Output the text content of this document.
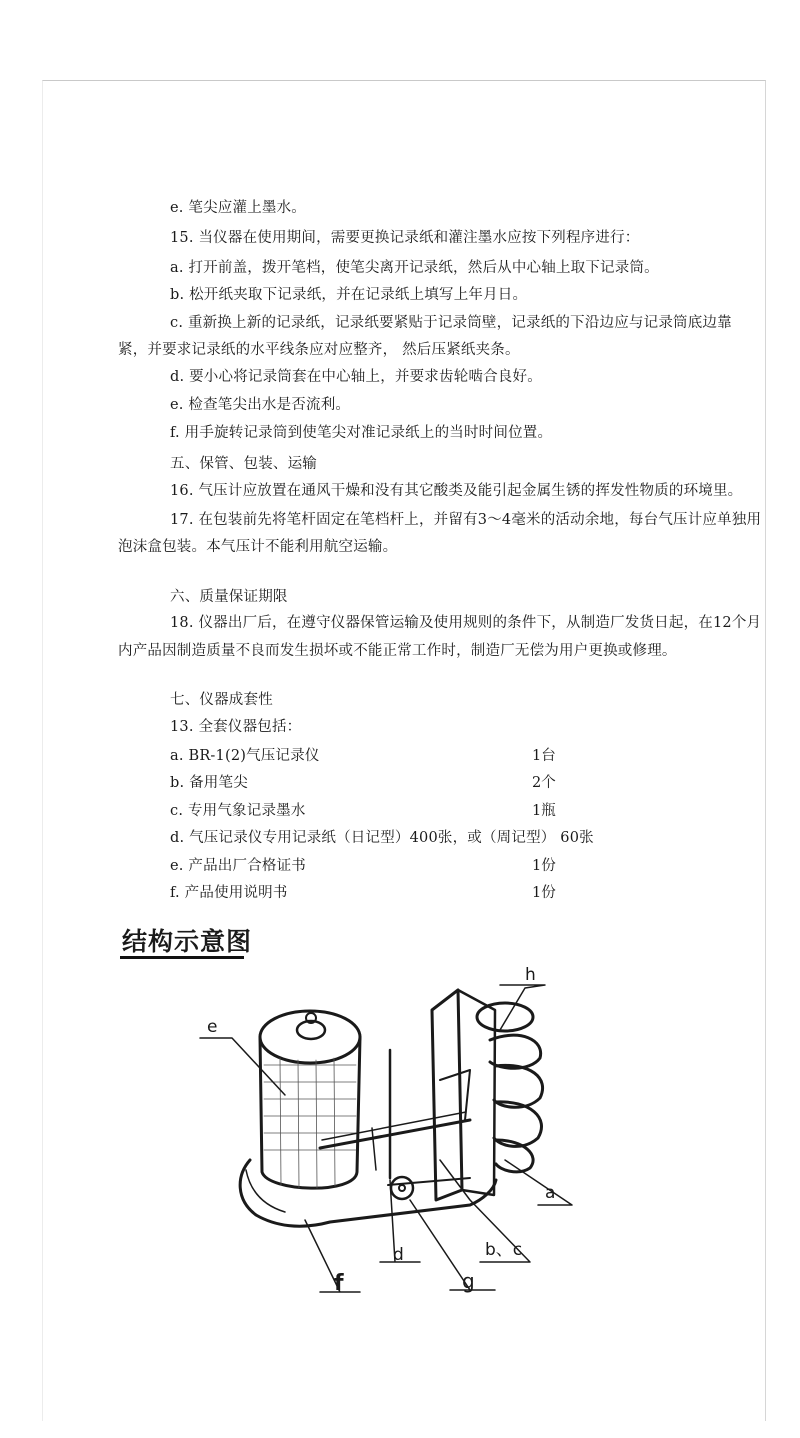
e. 笔尖应灌上墨水。
15. 当仪器在使用期间，需要更换记录纸和灌注墨水应按下列程序进行：
a. 打开前盖，拨开笔档，使笔尖离开记录纸，然后从中心轴上取下记录筒。
b. 松开纸夹取下记录纸，并在记录纸上填写上年月日。
c. 重新换上新的记录纸，记录纸要紧贴于记录筒壁，记录纸的下沿边应与记录筒底边靠
紧，并要求记录纸的水平线条应对应整齐， 然后压紧纸夹条。
d. 要小心将记录筒套在中心轴上，并要求齿轮啮合良好。
e. 检查笔尖出水是否流利。
f. 用手旋转记录筒到使笔尖对准记录纸上的当时时间位置。
五、保管、包装、运输
16. 气压计应放置在通风干燥和没有其它酸类及能引起金属生锈的挥发性物质的环境里。
17. 在包装前先将笔杆固定在笔档杆上，并留有3～4毫米的活动余地，每台气压计应单独用
泡沫盒包装。本气压计不能利用航空运输。
六、质量保证期限
18. 仪器出厂后，在遵守仪器保管运输及使用规则的条件下，从制造厂发货日起，在12个月
内产品因制造质量不良而发生损坏或不能正常工作时，制造厂无偿为用户更换或修理。
七、仪器成套性
13. 全套仪器包括：
a. BR-1(2)气压记录仪	1台
b. 备用笔尖	2个
c. 专用气象记录墨水	1瓶
d. 气压记录仪专用记录纸（日记型）400张，或（周记型） 60张
e. 产品出厂合格证书	1份
f. 产品使用说明书	1份
结构示意图
e
h
a
b、c
d
f	g
